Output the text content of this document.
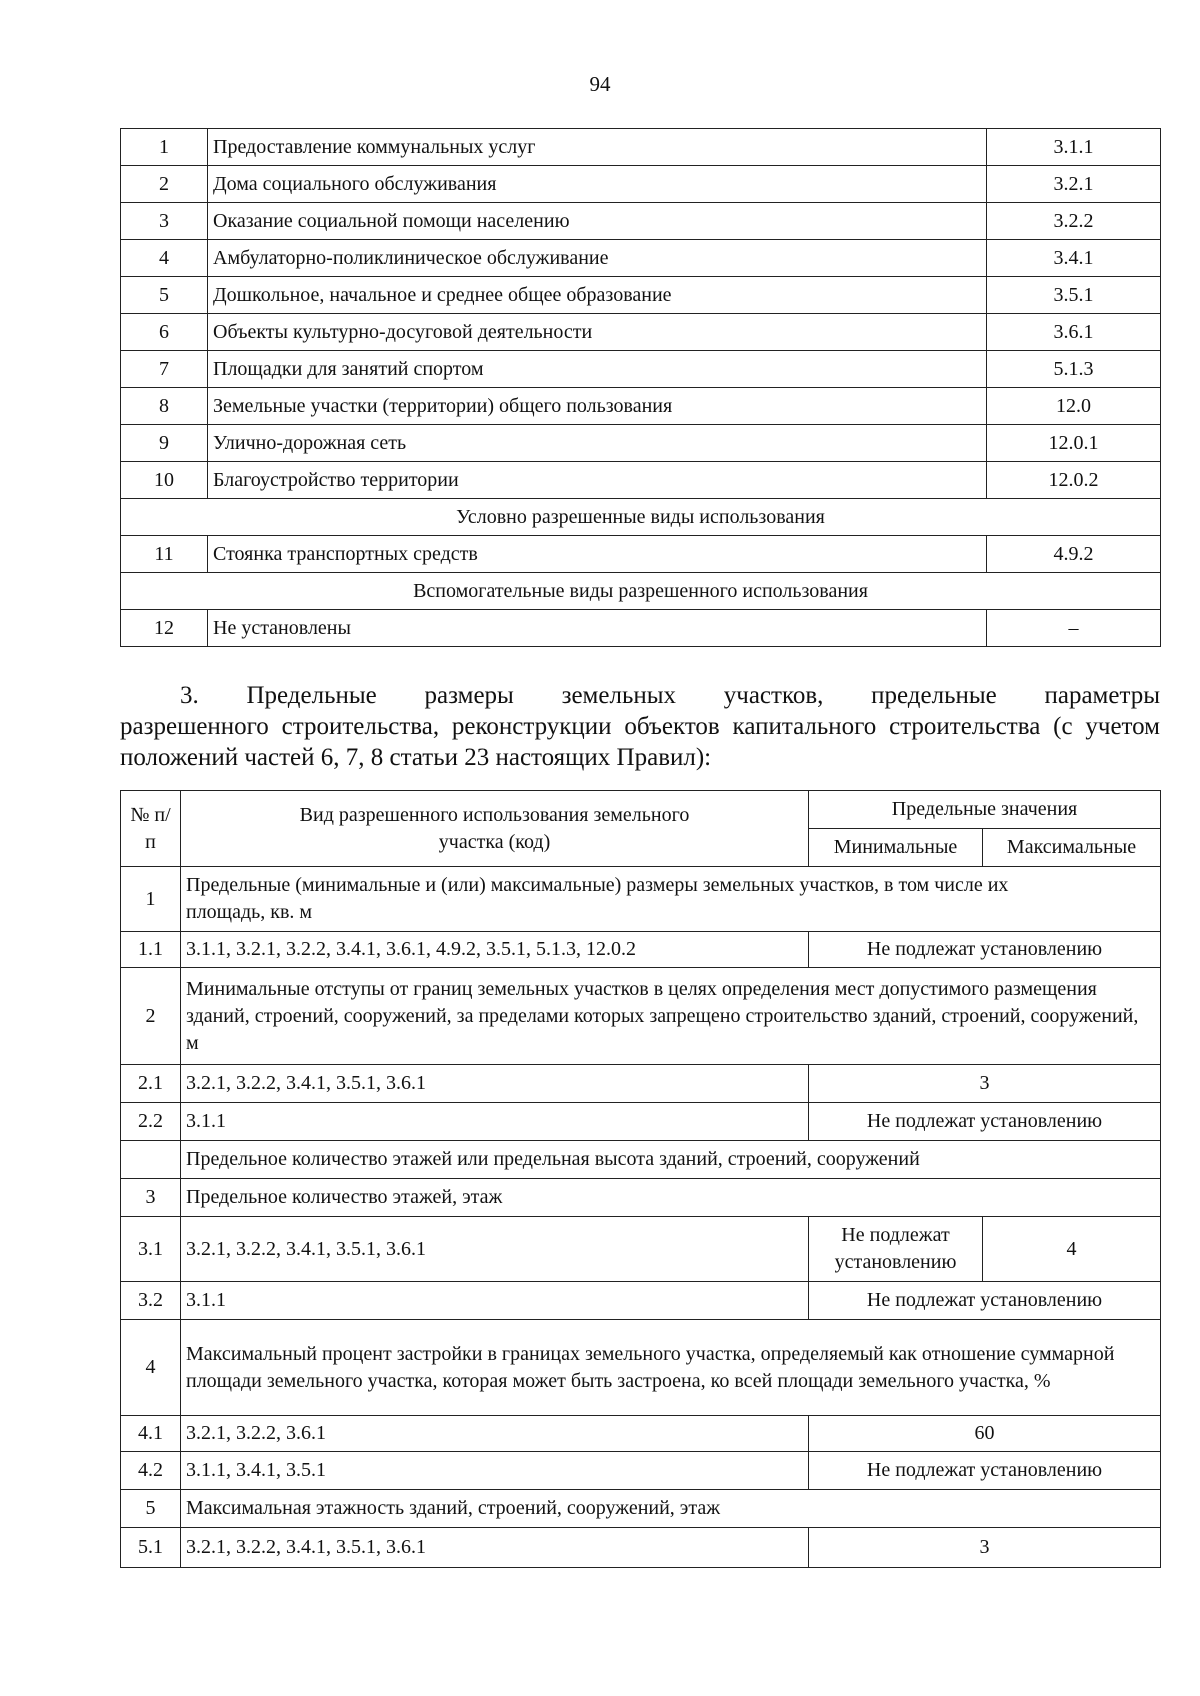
94
1	Предоставление коммунальных услуг	3.1.1
2	Дома социального обслуживания	3.2.1
3	Оказание социальной помощи населению	3.2.2
4	Амбулаторно-поликлиническое обслуживание	3.4.1
5	Дошкольное, начальное и среднее общее образование	3.5.1
6	Объекты культурно-досуговой деятельности	3.6.1
7	Площадки для занятий спортом	5.1.3
8	Земельные участки (территории) общего пользования	12.0
9	Улично-дорожная сеть	12.0.1
10	Благоустройство территории	12.0.2
Условно разрешенные виды использования		
11	Стоянка транспортных средств	4.9.2
Вспомогательные виды разрешенного использования		
12	Не установлены	–
3. Предельные размеры земельных участков, предельные параметры
разрешенного строительства, реконструкции объектов капитального строительства (с учетом положений частей 6, 7, 8 статьи 23 настоящих Правил):
№ п/п	Вид разрешенного использования земельного участка (код)	Предельные значения	
		Минимальные	Максимальные
1	Предельные (минимальные и (или) максимальные) размеры земельных участков, в том числе их площадь, кв. м		
1.1	3.1.1, 3.2.1, 3.2.2, 3.4.1, 3.6.1, 4.9.2, 3.5.1, 5.1.3, 12.0.2	Не подлежат установлению	
2	Минимальные отступы от границ земельных участков в целях определения мест допустимого размещения зданий, строений, сооружений, за пределами которых запрещено строительство зданий, строений, сооружений, м		
2.1	3.2.1, 3.2.2, 3.4.1, 3.5.1, 3.6.1	3	
2.2	3.1.1	Не подлежат установлению	
	Предельное количество этажей или предельная высота зданий, строений, сооружений		
3	Предельное количество этажей, этаж		
3.1	3.2.1, 3.2.2, 3.4.1, 3.5.1, 3.6.1	Не подлежат установлению	4
3.2	3.1.1	Не подлежат установлению	
4	Максимальный процент застройки в границах земельного участка, определяемый как отношение суммарной площади земельного участка, которая может быть застроена, ко всей площади земельного участка, %		
4.1	3.2.1, 3.2.2, 3.6.1	60	
4.2	3.1.1, 3.4.1, 3.5.1	Не подлежат установлению	
5	Максимальная этажность зданий, строений, сооружений, этаж		
5.1	3.2.1, 3.2.2, 3.4.1, 3.5.1, 3.6.1	3	
